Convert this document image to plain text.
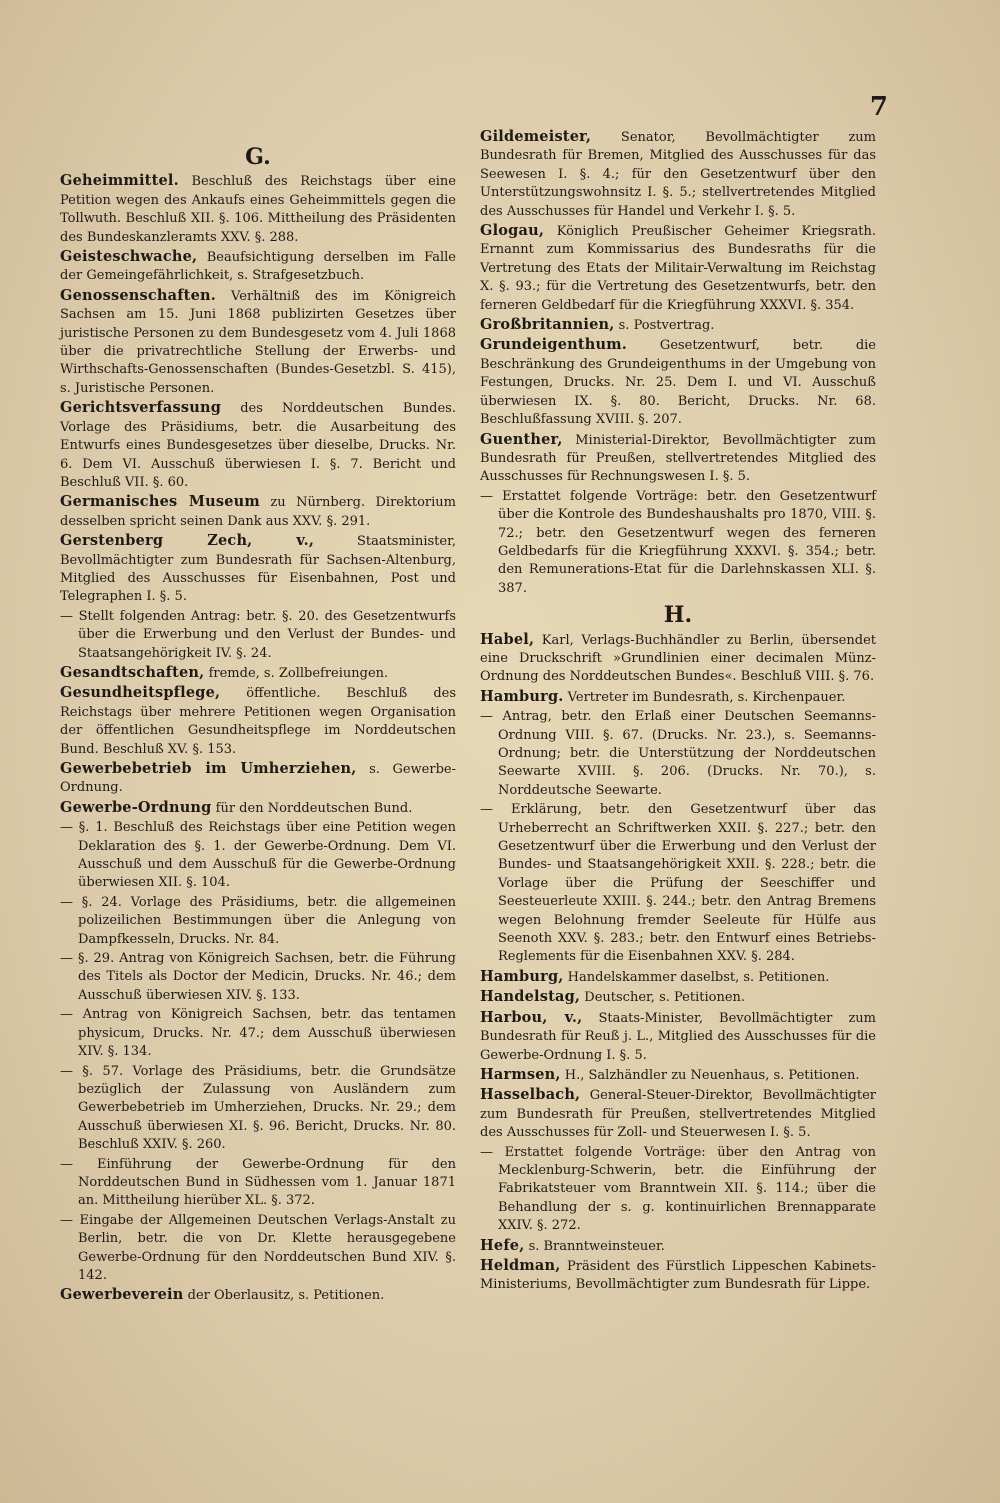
7
G.
Geheimmittel. Beschluß des Reichstags über eine Petition wegen des Ankaufs eines Geheimmittels gegen die Tollwuth. Beschluß XII. §. 106. Mittheilung des Präsidenten des Bundeskanzleramts XXV. §. 288.
Geisteschwache, Beaufsichtigung derselben im Falle der Gemeingefährlichkeit, s. Strafgesetzbuch.
Genossenschaften. Verhältniß des im Königreich Sachsen am 15. Juni 1868 publizirten Gesetzes über juristische Personen zu dem Bundesgesetz vom 4. Juli 1868 über die privatrechtliche Stellung der Erwerbs- und Wirthschafts-Genossenschaften (Bundes-Gesetzbl. S. 415), s. Juristische Personen.
Gerichtsverfassung des Norddeutschen Bundes. Vorlage des Präsidiums, betr. die Ausarbeitung des Entwurfs eines Bundesgesetzes über dieselbe, Drucks. Nr. 6. Dem VI. Ausschuß überwiesen I. §. 7. Bericht und Beschluß VII. §. 60.
Germanisches Museum zu Nürnberg. Direktorium desselben spricht seinen Dank aus XXV. §. 291.
Gerstenberg Zech, v., Staatsminister, Bevollmächtigter zum Bundesrath für Sachsen-Altenburg, Mitglied des Ausschusses für Eisenbahnen, Post und Telegraphen I. §. 5.
— Stellt folgenden Antrag: betr. §. 20. des Gesetzentwurfs über die Erwerbung und den Verlust der Bundes- und Staatsangehörigkeit IV. §. 24.
Gesandtschaften, fremde, s. Zollbefreiungen.
Gesundheitspflege, öffentliche. Beschluß des Reichstags über mehrere Petitionen wegen Organisation der öffentlichen Gesundheitspflege im Norddeutschen Bund. Beschluß XV. §. 153.
Gewerbebetrieb im Umherziehen, s. Gewerbe-Ordnung.
Gewerbe-Ordnung für den Norddeutschen Bund.
— §. 1. Beschluß des Reichstags über eine Petition wegen Deklaration des §. 1. der Gewerbe-Ordnung. Dem VI. Ausschuß und dem Ausschuß für die Gewerbe-Ordnung überwiesen XII. §. 104.
— §. 24. Vorlage des Präsidiums, betr. die allgemeinen polizeilichen Bestimmungen über die Anlegung von Dampfkesseln, Drucks. Nr. 84.
— §. 29. Antrag von Königreich Sachsen, betr. die Führung des Titels als Doctor der Medicin, Drucks. Nr. 46.; dem Ausschuß überwiesen XIV. §. 133.
— Antrag von Königreich Sachsen, betr. das tentamen physicum, Drucks. Nr. 47.; dem Ausschuß überwiesen XIV. §. 134.
— §. 57. Vorlage des Präsidiums, betr. die Grundsätze bezüglich der Zulassung von Ausländern zum Gewerbebetrieb im Umherziehen, Drucks. Nr. 29.; dem Ausschuß überwiesen XI. §. 96. Bericht, Drucks. Nr. 80. Beschluß XXIV. §. 260.
— Einführung der Gewerbe-Ordnung für den Norddeutschen Bund in Südhessen vom 1. Januar 1871 an. Mittheilung hierüber XL. §. 372.
— Eingabe der Allgemeinen Deutschen Verlags-Anstalt zu Berlin, betr. die von Dr. Klette herausgegebene Gewerbe-Ordnung für den Norddeutschen Bund XIV. §. 142.
Gewerbeverein der Oberlausitz, s. Petitionen.
Gildemeister, Senator, Bevollmächtigter zum Bundesrath für Bremen, Mitglied des Ausschusses für das Seewesen I. §. 4.; für den Gesetzentwurf über den Unterstützungswohnsitz I. §. 5.; stellvertretendes Mitglied des Ausschusses für Handel und Verkehr I. §. 5.
Glogau, Königlich Preußischer Geheimer Kriegsrath. Ernannt zum Kommissarius des Bundesraths für die Vertretung des Etats der Militair-Verwaltung im Reichstag X. §. 93.; für die Vertretung des Gesetzentwurfs, betr. den ferneren Geldbedarf für die Kriegführung XXXVI. §. 354.
Großbritannien, s. Postvertrag.
Grundeigenthum. Gesetzentwurf, betr. die Beschränkung des Grundeigenthums in der Umgebung von Festungen, Drucks. Nr. 25. Dem I. und VI. Ausschuß überwiesen IX. §. 80. Bericht, Drucks. Nr. 68. Beschlußfassung XVIII. §. 207.
Guenther, Ministerial-Direktor, Bevollmächtigter zum Bundesrath für Preußen, stellvertretendes Mitglied des Ausschusses für Rechnungswesen I. §. 5.
— Erstattet folgende Vorträge: betr. den Gesetzentwurf über die Kontrole des Bundeshaushalts pro 1870, VIII. §. 72.; betr. den Gesetzentwurf wegen des ferneren Geldbedarfs für die Kriegführung XXXVI. §. 354.; betr. den Remunerations-Etat für die Darlehnskassen XLI. §. 387.
H.
Habel, Karl, Verlags-Buchhändler zu Berlin, übersendet eine Druckschrift »Grundlinien einer decimalen Münz-Ordnung des Norddeutschen Bundes«. Beschluß VIII. §. 76.
Hamburg. Vertreter im Bundesrath, s. Kirchenpauer.
— Antrag, betr. den Erlaß einer Deutschen Seemanns-Ordnung VIII. §. 67. (Drucks. Nr. 23.), s. Seemanns-Ordnung; betr. die Unterstützung der Norddeutschen Seewarte XVIII. §. 206. (Drucks. Nr. 70.), s. Norddeutsche Seewarte.
— Erklärung, betr. den Gesetzentwurf über das Urheberrecht an Schriftwerken XXII. §. 227.; betr. den Gesetzentwurf über die Erwerbung und den Verlust der Bundes- und Staatsangehörigkeit XXII. §. 228.; betr. die Vorlage über die Prüfung der Seeschiffer und Seesteuerleute XXIII. §. 244.; betr. den Antrag Bremens wegen Belohnung fremder Seeleute für Hülfe aus Seenoth XXV. §. 283.; betr. den Entwurf eines Betriebs-Reglements für die Eisenbahnen XXV. §. 284.
Hamburg, Handelskammer daselbst, s. Petitionen.
Handelstag, Deutscher, s. Petitionen.
Harbou, v., Staats-Minister, Bevollmächtigter zum Bundesrath für Reuß j. L., Mitglied des Ausschusses für die Gewerbe-Ordnung I. §. 5.
Harmsen, H., Salzhändler zu Neuenhaus, s. Petitionen.
Hasselbach, General-Steuer-Direktor, Bevollmächtigter zum Bundesrath für Preußen, stellvertretendes Mitglied des Ausschusses für Zoll- und Steuerwesen I. §. 5.
— Erstattet folgende Vorträge: über den Antrag von Mecklenburg-Schwerin, betr. die Einführung der Fabrikatsteuer vom Branntwein XII. §. 114.; über die Behandlung der s. g. kontinuirlichen Brennapparate XXIV. §. 272.
Hefe, s. Branntweinsteuer.
Heldman, Präsident des Fürstlich Lippeschen Kabinets-Ministeriums, Bevollmächtigter zum Bundesrath für Lippe.
